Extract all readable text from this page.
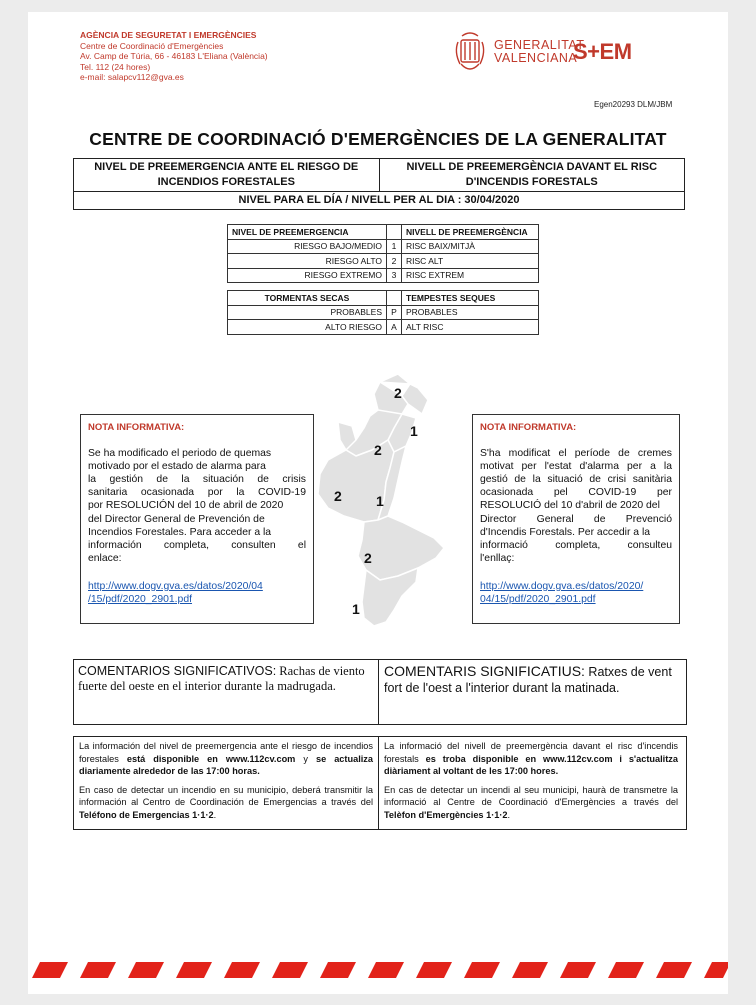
AGÈNCIA DE SEGURETAT I EMERGÈNCIES
Centre de Coordinació d'Emergències
Av. Camp de Túria, 66 - 46183 L'Eliana (València)
Tel. 112 (24 hores)
e-mail: salapcv112@gva.es
GENERALITAT
VALENCIANA
S+EM
Egen20293 DLM/JBM
CENTRE DE COORDINACIÓ D'EMERGÈNCIES DE LA GENERALITAT
NIVEL DE PREEMERGENCIA ANTE EL RIESGO DE
INCENDIOS FORESTALES

NIVELL DE PREEMERGÈNCIA DAVANT EL RISC
D'INCENDIS FORESTALS

NIVEL PARA EL DÍA / NIVELL PER AL DIA : 30/04/2020
NIVEL DE PREEMERGENCIA		NIVELL DE PREEMERGÈNCIA
RIESGO BAJO/MEDIO	1	RISC BAIX/MITJÀ
RIESGO ALTO	2	RISC ALT
RIESGO EXTREMO	3	RISC EXTREM
TORMENTAS SECAS		TEMPESTES SEQUES
PROBABLES	P	PROBABLES
ALTO RIESGO	A	ALT RISC
NOTA INFORMATIVA:
Se ha modificado el periodo de quemas
motivado por el estado de alarma para
la gestión de la situación de crisis
sanitaria ocasionada por la COVID-19
por RESOLUCIÓN del 10 de abril de 2020
del Director General de Prevención de
Incendios Forestales. Para acceder a la
información completa, consulten el
enlace:
http://www.dogv.gva.es/datos/2020/04
/15/pdf/2020_2901.pdf
NOTA INFORMATIVA:
S'ha modificat el període de cremes
motivat per l'estat d'alarma per a la
gestió de la situació de crisi sanitària
ocasionada pel COVID-19 per
RESOLUCIÓ del 10 d'abril de 2020 del
Director General de Prevenció
d'Incendis Forestals. Per accedir a la
informació completa, consulteu
l'enllaç:
http://www.dogv.gva.es/datos/2020/
04/15/pdf/2020_2901.pdf
2
1
2
2 1
2
1
COMENTARIOS SIGNIFICATIVOS: Rachas de viento fuerte del oeste en el interior durante la madrugada.
COMENTARIS SIGNIFICATIUS: Ratxes de vent fort de l'oest a l'interior durant la matinada.

La información del nivel de preemergencia ante el riesgo de incendios forestales está disponible en www.112cv.com y se actualiza diariamente alrededor de las 17:00 horas.

En caso de detectar un incendio en su municipio, deberá transmitir la información al Centro de Coordinación de Emergencias a través del Teléfono de Emergencias 1·1·2.

La informació del nivell de preemergència davant el risc d'incendis forestals es troba disponible en www.112cv.com i s'actualitza diàriament al voltant de les 17:00 hores.

En cas de detectar un incendi al seu municipi, haurà de transmetre la informació al Centre de Coordinació d'Emergències a través del Telèfon d'Emergències 1·1·2.
